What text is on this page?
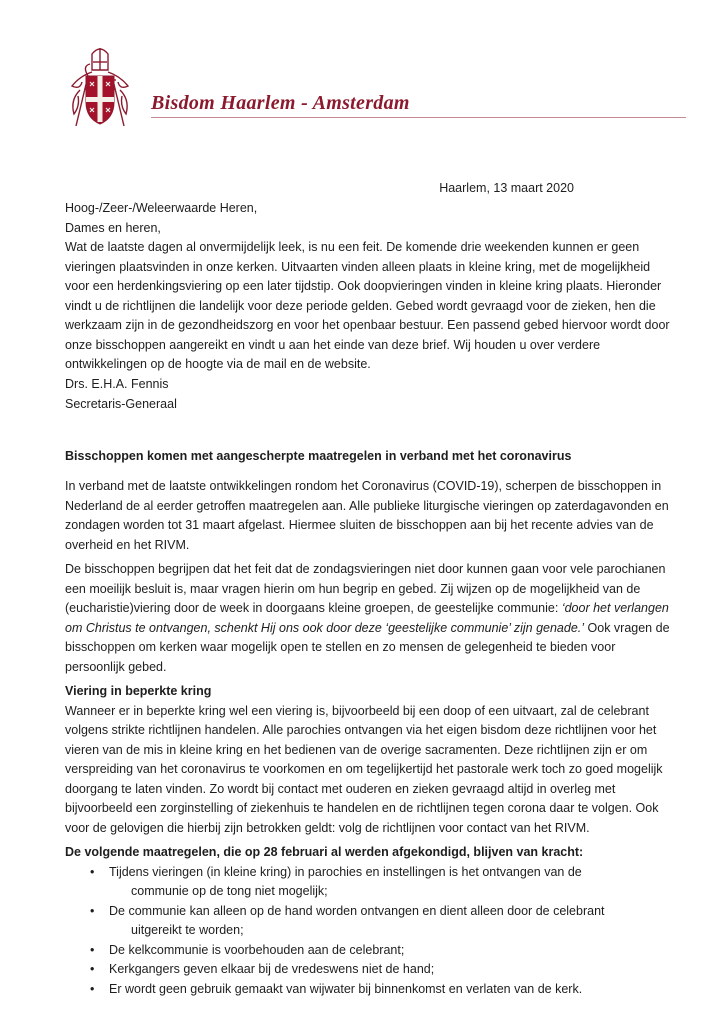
Bisdom Haarlem - Amsterdam
Haarlem, 13 maart 2020

Hoog-/Zeer-/Weleerwaarde Heren,

Dames en heren,

Wat de laatste dagen al onvermijdelijk leek, is nu een feit. De komende drie weekenden kunnen er geen vieringen plaatsvinden in onze kerken. Uitvaarten vinden alleen plaats in kleine kring, met de mogelijkheid voor een herdenkingsviering op een later tijdstip. Ook doopvieringen vinden in kleine kring plaats. Hieronder vindt u de richtlijnen die landelijk voor deze periode gelden. Gebed wordt gevraagd voor de zieken, hen die werkzaam zijn in de gezondheidszorg en voor het openbaar bestuur. Een passend gebed hiervoor wordt door onze bisschoppen aangereikt en vindt u aan het einde van deze brief. Wij houden u over verdere ontwikkelingen op de hoogte via de mail en de website.

Drs. E.H.A. Fennis

Secretaris-Generaal

Bisschoppen komen met aangescherpte maatregelen in verband met het coronavirus

In verband met de laatste ontwikkelingen rondom het Coronavirus (COVID-19), scherpen de bisschoppen in Nederland de al eerder getroffen maatregelen aan. Alle publieke liturgische vieringen op zaterdagavonden en zondagen worden tot 31 maart afgelast. Hiermee sluiten de bisschoppen aan bij het recente advies van de overheid en het RIVM.

De bisschoppen begrijpen dat het feit dat de zondagsvieringen niet door kunnen gaan voor vele parochianen een moeilijk besluit is, maar vragen hierin om hun begrip en gebed. Zij wijzen op de mogelijkheid van de (eucharistie)viering door de week in doorgaans kleine groepen, de geestelijke communie: ‘door het verlangen om Christus te ontvangen, schenkt Hij ons ook door deze ‘geestelijke communie’ zijn genade.’ Ook vragen de bisschoppen om kerken waar mogelijk open te stellen en zo mensen de gelegenheid te bieden voor persoonlijk gebed.

Viering in beperkte kring

Wanneer er in beperkte kring wel een viering is, bijvoorbeeld bij een doop of een uitvaart, zal de celebrant volgens strikte richtlijnen handelen. Alle parochies ontvangen via het eigen bisdom deze richtlijnen voor het vieren van de mis in kleine kring en het bedienen van de overige sacramenten. Deze richtlijnen zijn er om verspreiding van het coronavirus te voorkomen en om tegelijkertijd het pastorale werk toch zo goed mogelijk doorgang te laten vinden. Zo wordt bij contact met ouderen en zieken gevraagd altijd in overleg met bijvoorbeeld een zorginstelling of ziekenhuis te handelen en de richtlijnen tegen corona daar te volgen. Ook voor de gelovigen die hierbij zijn betrokken geldt: volg de richtlijnen voor contact van het RIVM.

De volgende maatregelen, die op 28 februari al werden afgekondigd, blijven van kracht:

• Tijdens vieringen (in kleine kring) in parochies en instellingen is het ontvangen van de
communie op de tong niet mogelijk;
• De communie kan alleen op de hand worden ontvangen en dient alleen door de celebrant
uitgereikt te worden;
• De kelkcommunie is voorbehouden aan de celebrant;
• Kerkgangers geven elkaar bij de vredeswens niet de hand;
• Er wordt geen gebruik gemaakt van wijwater bij binnenkomst en verlaten van de kerk.
